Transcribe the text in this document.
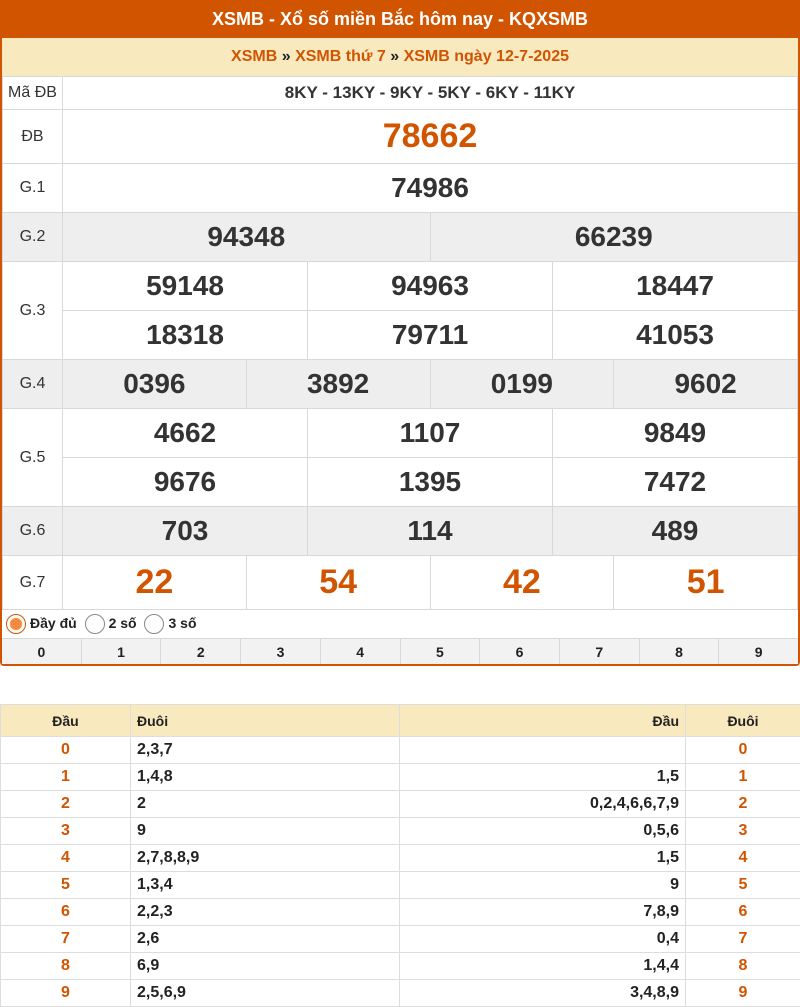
XSMB - Xổ số miền Bắc hôm nay - KQXSMB
XSMB » XSMB thứ 7 » XSMB ngày 12-7-2025
Mã ĐB	8KY - 13KY - 9KY - 5KY - 6KY - 11KY					
ĐB	78662					
G.1	74986					
G.2	94348			66239		
G.3	59148		94963		18447	
	18318		79711		41053	
G.4	0396	3892		0199		9602
G.5	4662		1107		9849	
	9676		1395		7472	
G.6	703		114		489	
G.7	22	54		42		51
Đầy đủ 2 số 3 số
0	1	2	3	4	5	6	7	8	9
Đầu	Đuôi	Đầu	Đuôi
0	2,3,7		0
1	1,4,8	1,5	1
2	2	0,2,4,6,6,7,9	2
3	9	0,5,6	3
4	2,7,8,8,9	1,5	4
5	1,3,4	9	5
6	2,2,3	7,8,9	6
7	2,6	0,4	7
8	6,9	1,4,4	8
9	2,5,6,9	3,4,8,9	9
